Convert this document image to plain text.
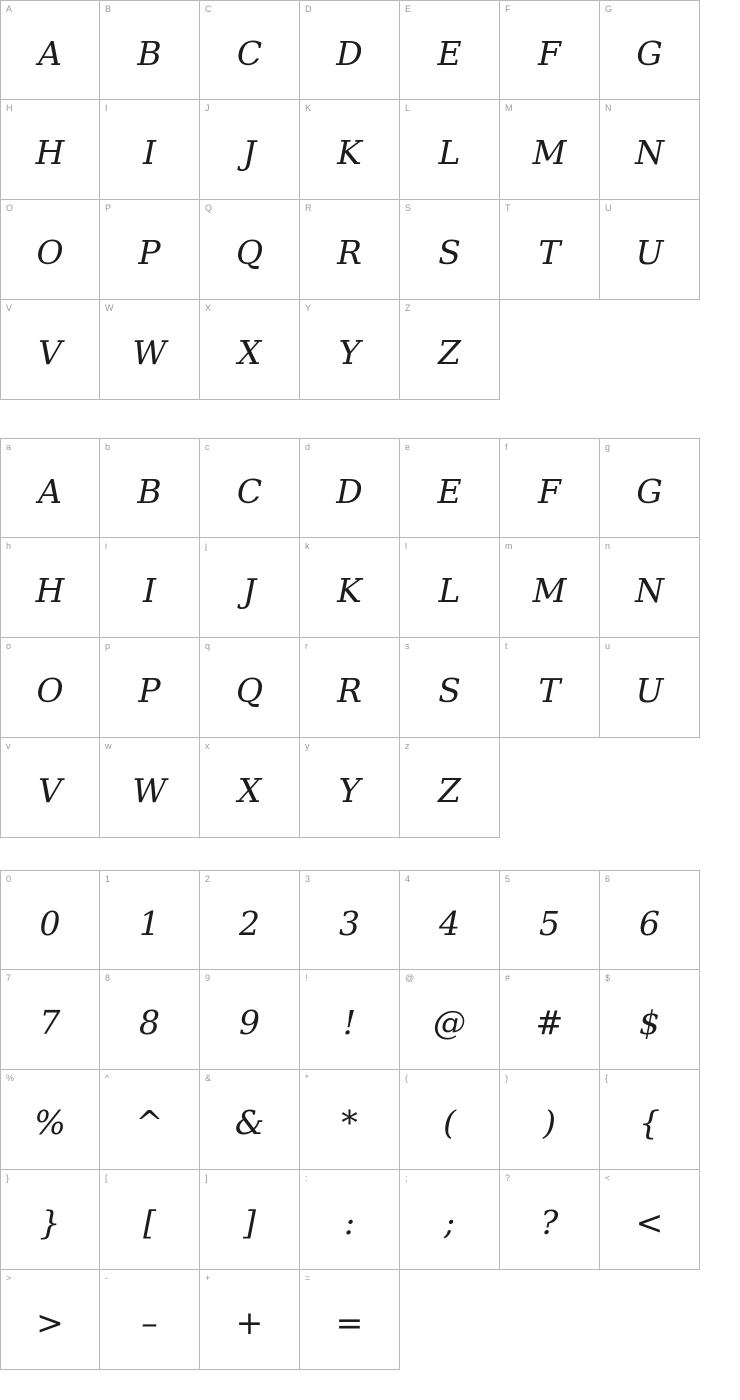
A
A
B
B
C
C
D
D
E
E
F
F
G
G
H
H
I
I
J
J
K
K
L
L
M
M
N
N
O
O
P
P
Q
Q
R
R
S
S
T
T
U
U
V
V
W
W
X
X
Y
Y
Z
Z
a
A
b
B
c
C
d
D
e
E
f
F
g
G
h
H
i
I
j
J
k
K
l
L
m
M
n
N
o
O
p
P
q
Q
r
R
s
S
t
T
u
U
v
V
w
W
x
X
y
Y
z
Z
0
0
1
1
2
2
3
3
4
4
5
5
6
6
7
7
8
8
9
9
!
!
@
@
#
#
$
$
%
%
^
^
&
&
*
*
(
(
)
)
{
{
}
}
[
[
]
]
:
:
;
;
?
?
<
<
>
>
-
–
+
+
=
=
